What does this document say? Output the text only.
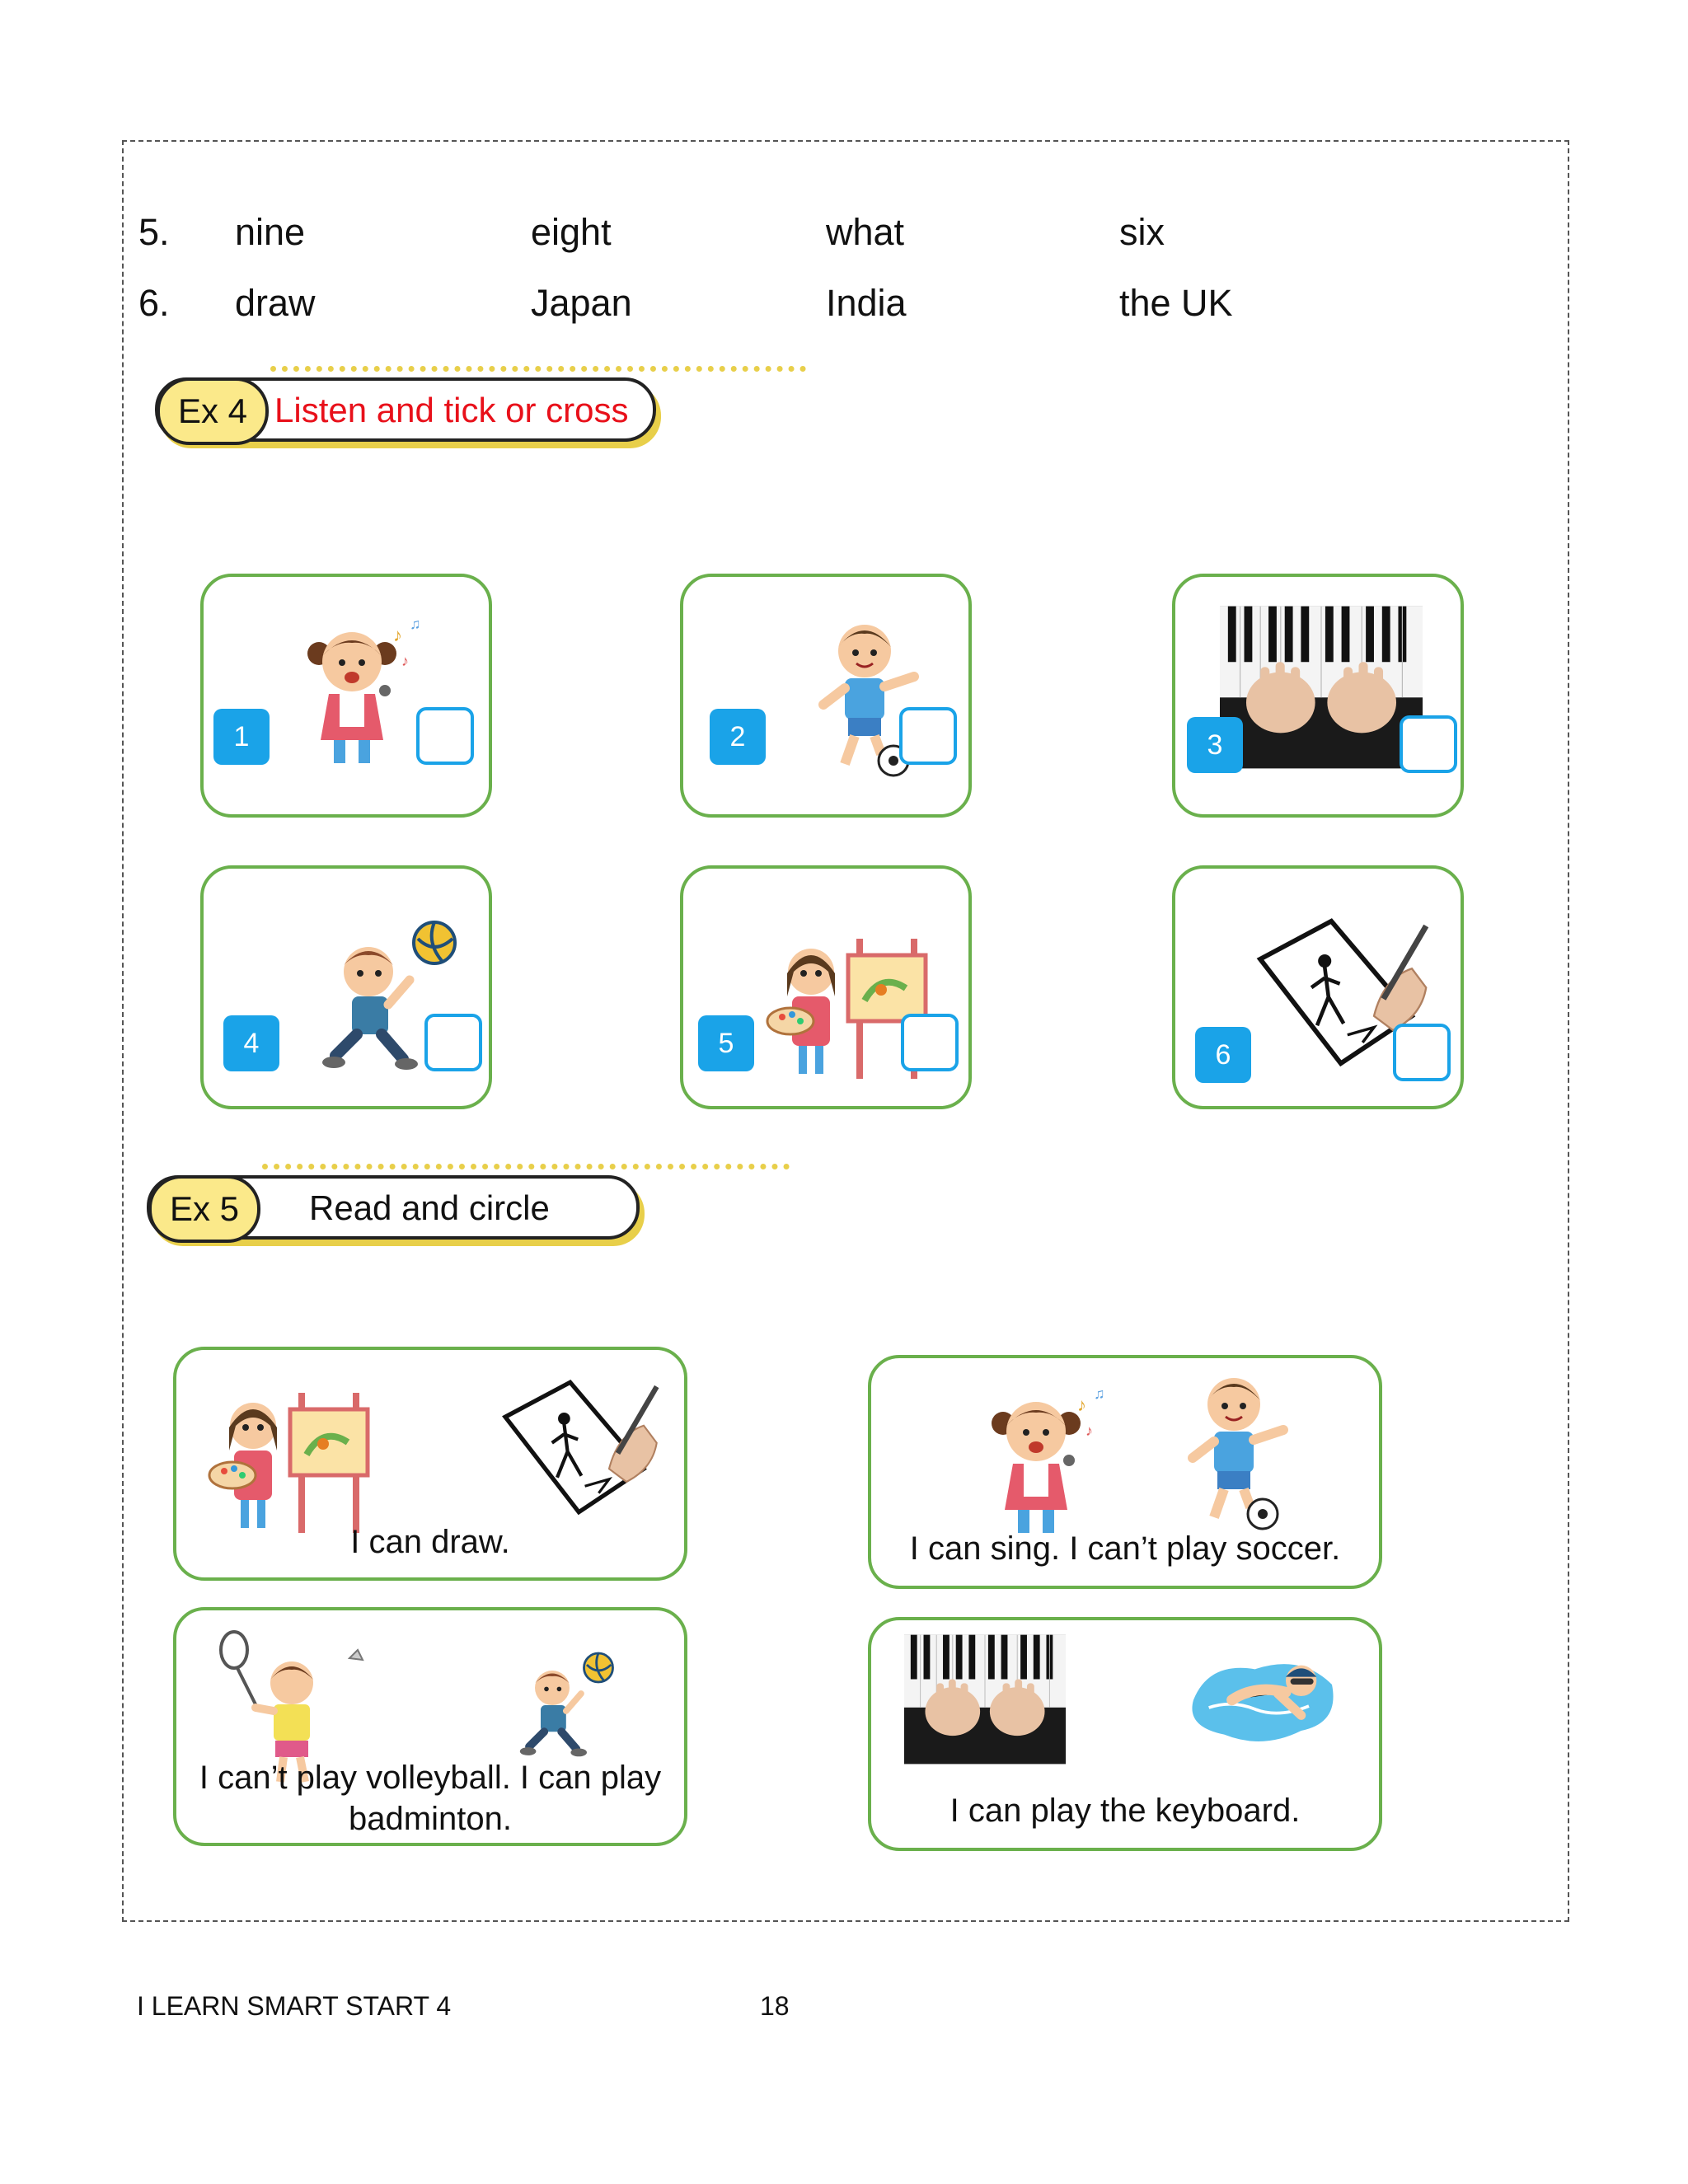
5. nine	eight	what	six
6. draw	Japan	India	the UK
Ex 4 Listen and tick or cross
1	2	3
4	5	6
Ex 5	Read and circle
I can draw.	I can sing. I can’t play soccer.
I can’t play volleyball. I can play badminton.	I can play the keyboard.
I LEARN SMART START 4	18
